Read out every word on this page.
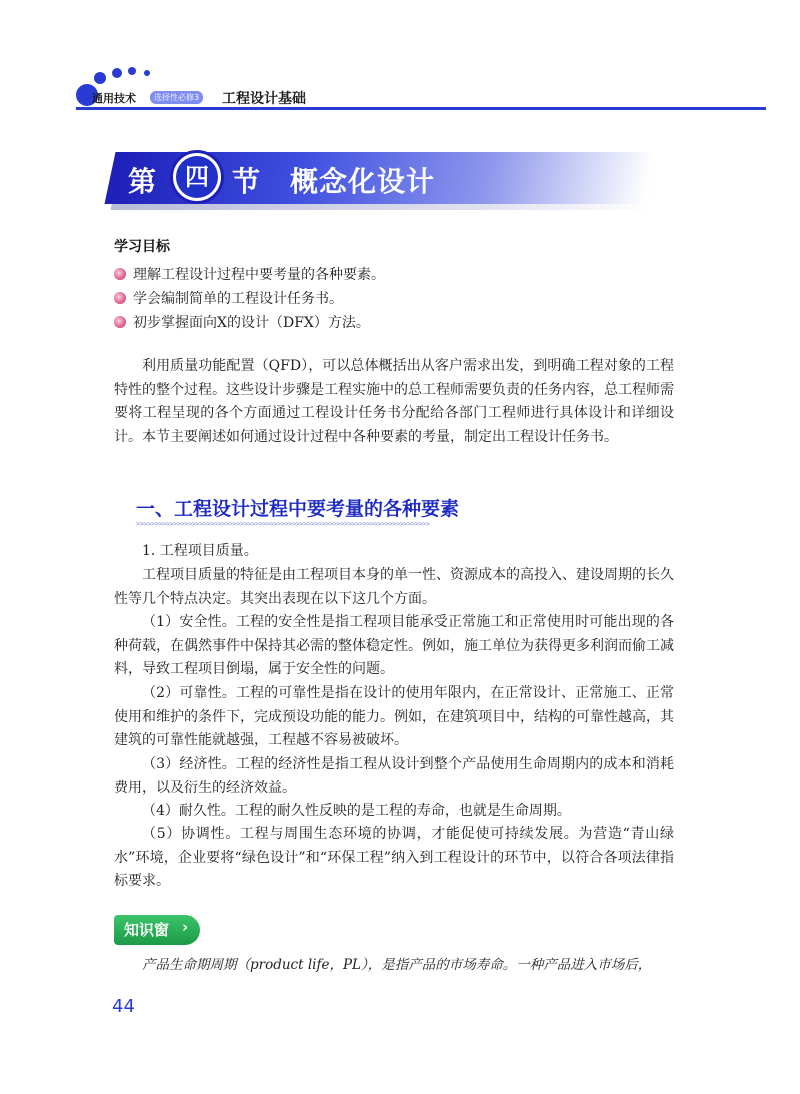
通用技术	选择性必修3 工程设计基础
第	四 节 概念化设计
学习目标
理解工程设计过程中要考量的各种要素。
学会编制简单的工程设计任务书。
初步掌握面向X的设计（DFX）方法。
利用质量功能配置（QFD），可以总体概括出从客户需求出发，到明确工程对象的工程特性的整个过程。这些设计步骤是工程实施中的总工程师需要负责的任务内容，总工程师需要将工程呈现的各个方面通过工程设计任务书分配给各部门工程师进行具体设计和详细设计。本节主要阐述如何通过设计过程中各种要素的考量，制定出工程设计任务书。
一、工程设计过程中要考量的各种要素
>>>>>>>>>>>>>>>>>>>>>>>>>>>>>>>>>>>>>>>>>>>>>>>>>>>>>>>>>>>>>>>>>>>>>>>>>>>>>>>
1. 工程项目质量。
工程项目质量的特征是由工程项目本身的单一性、资源成本的高投入、建设周期的长久性等几个特点决定。其突出表现在以下这几个方面。
（1）安全性。工程的安全性是指工程项目能承受正常施工和正常使用时可能出现的各种荷载，在偶然事件中保持其必需的整体稳定性。例如，施工单位为获得更多利润而偷工减料，导致工程项目倒塌，属于安全性的问题。
（2）可靠性。工程的可靠性是指在设计的使用年限内，在正常设计、正常施工、正常使用和维护的条件下，完成预设功能的能力。例如，在建筑项目中，结构的可靠性越高，其建筑的可靠性能就越强，工程越不容易被破坏。
（3）经济性。工程的经济性是指工程从设计到整个产品使用生命周期内的成本和消耗费用，以及衍生的经济效益。
（4）耐久性。工程的耐久性反映的是工程的寿命，也就是生命周期。
（5）协调性。工程与周围生态环境的协调，才能促使可持续发展。为营造“青山绿水”环境，企业要将“绿色设计”和“环保工程”纳入到工程设计的环节中，以符合各项法律指标要求。
知识窗 ›
产品生命期周期（product life，PL），是指产品的市场寿命。一种产品进入市场后，
44
